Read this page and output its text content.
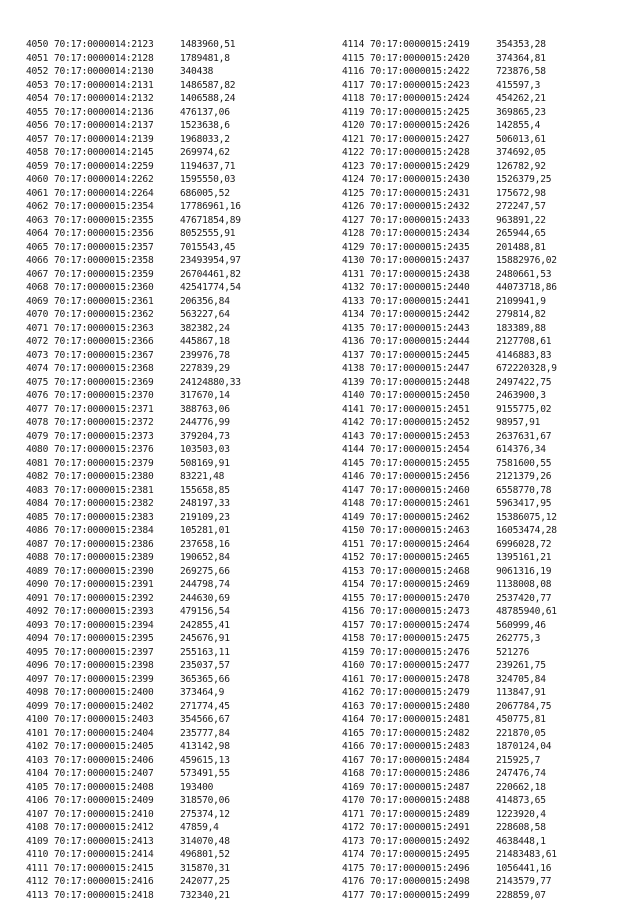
4050 70:17:0000014:2123	1483960,51
4051 70:17:0000014:2128	1789481,8
4052 70:17:0000014:2130	340438
4053 70:17:0000014:2131	1486587,82
4054 70:17:0000014:2132	1406588,24
4055 70:17:0000014:2136	476137,06
4056 70:17:0000014:2137	1523638,6
4057 70:17:0000014:2139	1968033,2
4058 70:17:0000014:2145	269974,62
4059 70:17:0000014:2259	1194637,71
4060 70:17:0000014:2262	1595550,03
4061 70:17:0000014:2264	686005,52
4062 70:17:0000015:2354	17786961,16
4063 70:17:0000015:2355	47671854,89
4064 70:17:0000015:2356	8052555,91
4065 70:17:0000015:2357	7015543,45
4066 70:17:0000015:2358	23493954,97
4067 70:17:0000015:2359	26704461,82
4068 70:17:0000015:2360	42541774,54
4069 70:17:0000015:2361	206356,84
4070 70:17:0000015:2362	563227,64
4071 70:17:0000015:2363	382382,24
4072 70:17:0000015:2366	445867,18
4073 70:17:0000015:2367	239976,78
4074 70:17:0000015:2368	227839,29
4075 70:17:0000015:2369	24124880,33
4076 70:17:0000015:2370	317670,14
4077 70:17:0000015:2371	388763,06
4078 70:17:0000015:2372	244776,99
4079 70:17:0000015:2373	379204,73
4080 70:17:0000015:2376	103503,03
4081 70:17:0000015:2379	508169,91
4082 70:17:0000015:2380	83221,48
4083 70:17:0000015:2381	155658,85
4084 70:17:0000015:2382	248197,33
4085 70:17:0000015:2383	219109,23
4086 70:17:0000015:2384	105281,01
4087 70:17:0000015:2386	237658,16
4088 70:17:0000015:2389	190652,84
4089 70:17:0000015:2390	269275,66
4090 70:17:0000015:2391	244798,74
4091 70:17:0000015:2392	244630,69
4092 70:17:0000015:2393	479156,54
4093 70:17:0000015:2394	242855,41
4094 70:17:0000015:2395	245676,91
4095 70:17:0000015:2397	255163,11
4096 70:17:0000015:2398	235037,57
4097 70:17:0000015:2399	365365,66
4098 70:17:0000015:2400	373464,9
4099 70:17:0000015:2402	271774,45
4100 70:17:0000015:2403	354566,67
4101 70:17:0000015:2404	235777,84
4102 70:17:0000015:2405	413142,98
4103 70:17:0000015:2406	459615,13
4104 70:17:0000015:2407	573491,55
4105 70:17:0000015:2408	193400
4106 70:17:0000015:2409	318570,06
4107 70:17:0000015:2410	275374,12
4108 70:17:0000015:2412	47859,4
4109 70:17:0000015:2413	314070,48
4110 70:17:0000015:2414	496801,52
4111 70:17:0000015:2415	315870,31
4112 70:17:0000015:2416	242077,25
4113 70:17:0000015:2418	732340,21
4114 70:17:0000015:2419	354353,28
4115 70:17:0000015:2420	374364,81
4116 70:17:0000015:2422	723876,58
4117 70:17:0000015:2423	415597,3
4118 70:17:0000015:2424	454262,21
4119 70:17:0000015:2425	369865,23
4120 70:17:0000015:2426	142855,4
4121 70:17:0000015:2427	506013,61
4122 70:17:0000015:2428	374692,05
4123 70:17:0000015:2429	126782,92
4124 70:17:0000015:2430	1526379,25
4125 70:17:0000015:2431	175672,98
4126 70:17:0000015:2432	272247,57
4127 70:17:0000015:2433	963891,22
4128 70:17:0000015:2434	265944,65
4129 70:17:0000015:2435	201488,81
4130 70:17:0000015:2437	15882976,02
4131 70:17:0000015:2438	2480661,53
4132 70:17:0000015:2440	44073718,86
4133 70:17:0000015:2441	2109941,9
4134 70:17:0000015:2442	279814,82
4135 70:17:0000015:2443	183389,88
4136 70:17:0000015:2444	2127708,61
4137 70:17:0000015:2445	4146883,83
4138 70:17:0000015:2447	672220328,9
4139 70:17:0000015:2448	2497422,75
4140 70:17:0000015:2450	2463900,3
4141 70:17:0000015:2451	9155775,02
4142 70:17:0000015:2452	98957,91
4143 70:17:0000015:2453	2637631,67
4144 70:17:0000015:2454	614376,34
4145 70:17:0000015:2455	7581600,55
4146 70:17:0000015:2456	2121379,26
4147 70:17:0000015:2460	6558770,78
4148 70:17:0000015:2461	5963417,95
4149 70:17:0000015:2462	15386075,12
4150 70:17:0000015:2463	16053474,28
4151 70:17:0000015:2464	6996028,72
4152 70:17:0000015:2465	1395161,21
4153 70:17:0000015:2468	9061316,19
4154 70:17:0000015:2469	1138008,08
4155 70:17:0000015:2470	2537420,77
4156 70:17:0000015:2473	48785940,61
4157 70:17:0000015:2474	560999,46
4158 70:17:0000015:2475	262775,3
4159 70:17:0000015:2476	521276
4160 70:17:0000015:2477	239261,75
4161 70:17:0000015:2478	324705,84
4162 70:17:0000015:2479	113847,91
4163 70:17:0000015:2480	2067784,75
4164 70:17:0000015:2481	450775,81
4165 70:17:0000015:2482	221870,05
4166 70:17:0000015:2483	1870124,04
4167 70:17:0000015:2484	215925,7
4168 70:17:0000015:2486	247476,74
4169 70:17:0000015:2487	220662,18
4170 70:17:0000015:2488	414873,65
4171 70:17:0000015:2489	1223920,4
4172 70:17:0000015:2491	228608,58
4173 70:17:0000015:2492	4638448,1
4174 70:17:0000015:2495	21483483,61
4175 70:17:0000015:2496	1056441,16
4176 70:17:0000015:2498	2143579,77
4177 70:17:0000015:2499	228859,07
